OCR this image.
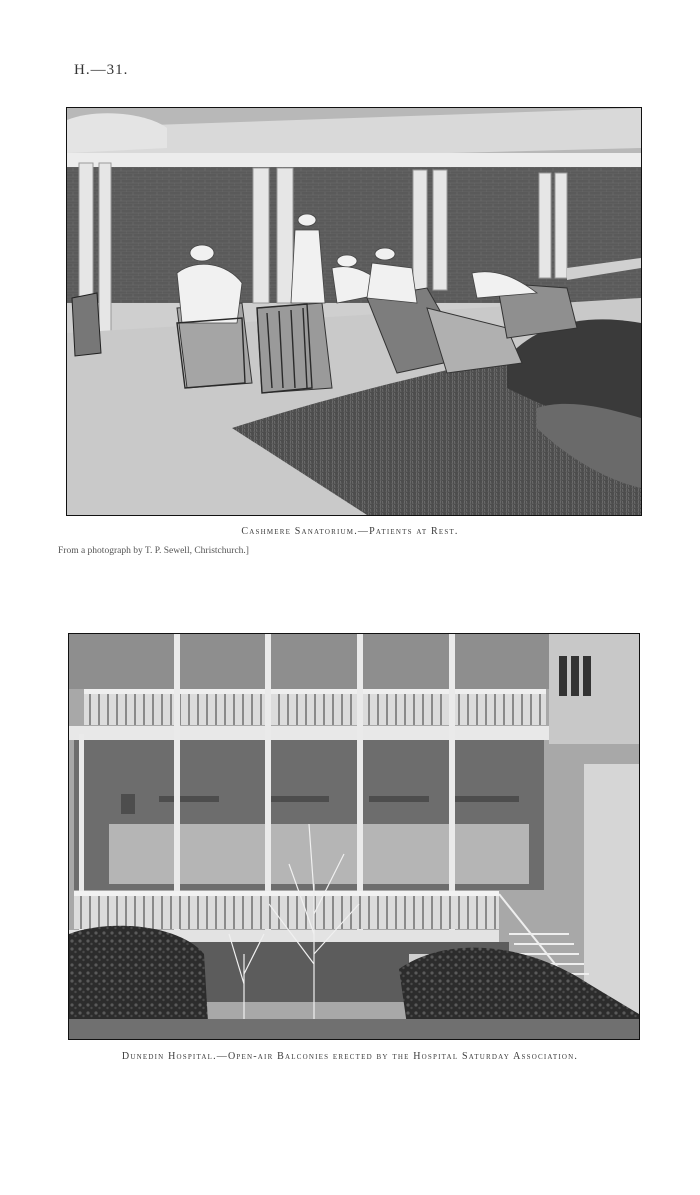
H.—31.
Cashmere Sanatorium.—Patients at Rest.
From a photograph by T. P. Sewell, Christchurch.]
Dunedin Hospital.—Open-air Balconies erected by the Hospital Saturday Association.
